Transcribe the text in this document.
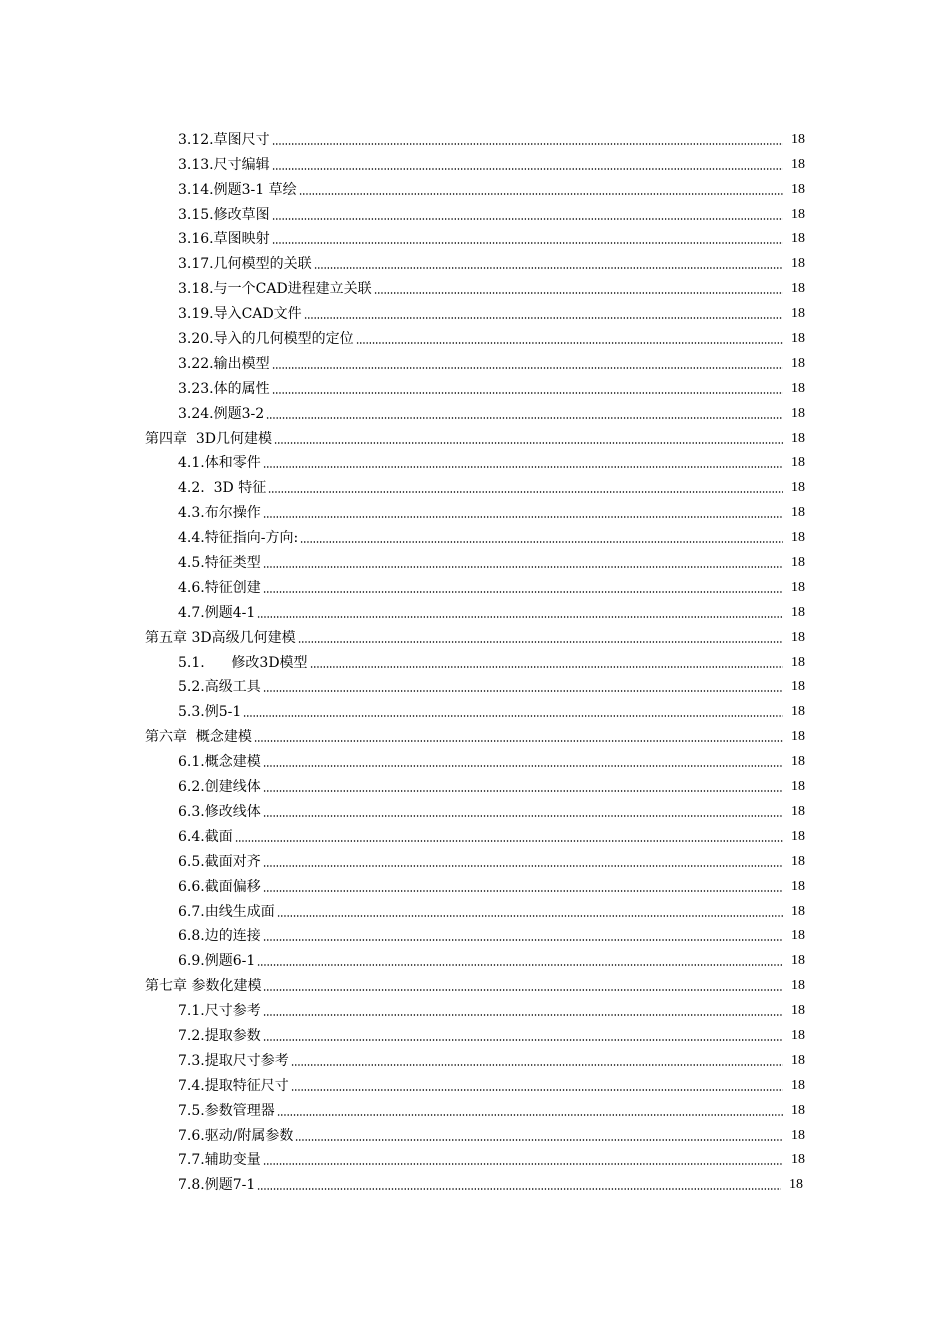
3.12.草图尺寸	18
3.13.尺寸编辑	18
3.14.例题3-1 草绘	18
3.15.修改草图	18
3.16.草图映射	18
3.17.几何模型的关联	18
3.18.与一个CAD进程建立关联	18
3.19.导入CAD文件	18
3.20.导入的几何模型的定位	18
3.22.输出模型	18
3.23.体的属性	18
3.24.例题3-2	18
第四章  3D几何建模	18
4.1.体和零件	18
4.2.  3D 特征	18
4.3.布尔操作	18
4.4.特征指向-方向:	18
4.5.特征类型	18
4.6.特征创建	18
4.7.例题4-1	18
第五章 3D高级几何建模	18
5.1.      修改3D模型	18
5.2.高级工具	18
5.3.例5-1	18
第六章  概念建模	18
6.1.概念建模	18
6.2.创建线体	18
6.3.修改线体	18
6.4.截面	18
6.5.截面对齐	18
6.6.截面偏移	18
6.7.由线生成面	18
6.8.边的连接	18
6.9.例题6-1	18
第七章 参数化建模	18
7.1.尺寸参考	18
7.2.提取参数	18
7.3.提取尺寸参考	18
7.4.提取特征尺寸	18
7.5.参数管理器	18
7.6.驱动/附属参数	18
7.7.辅助变量	18
7.8.例题7-1	18
